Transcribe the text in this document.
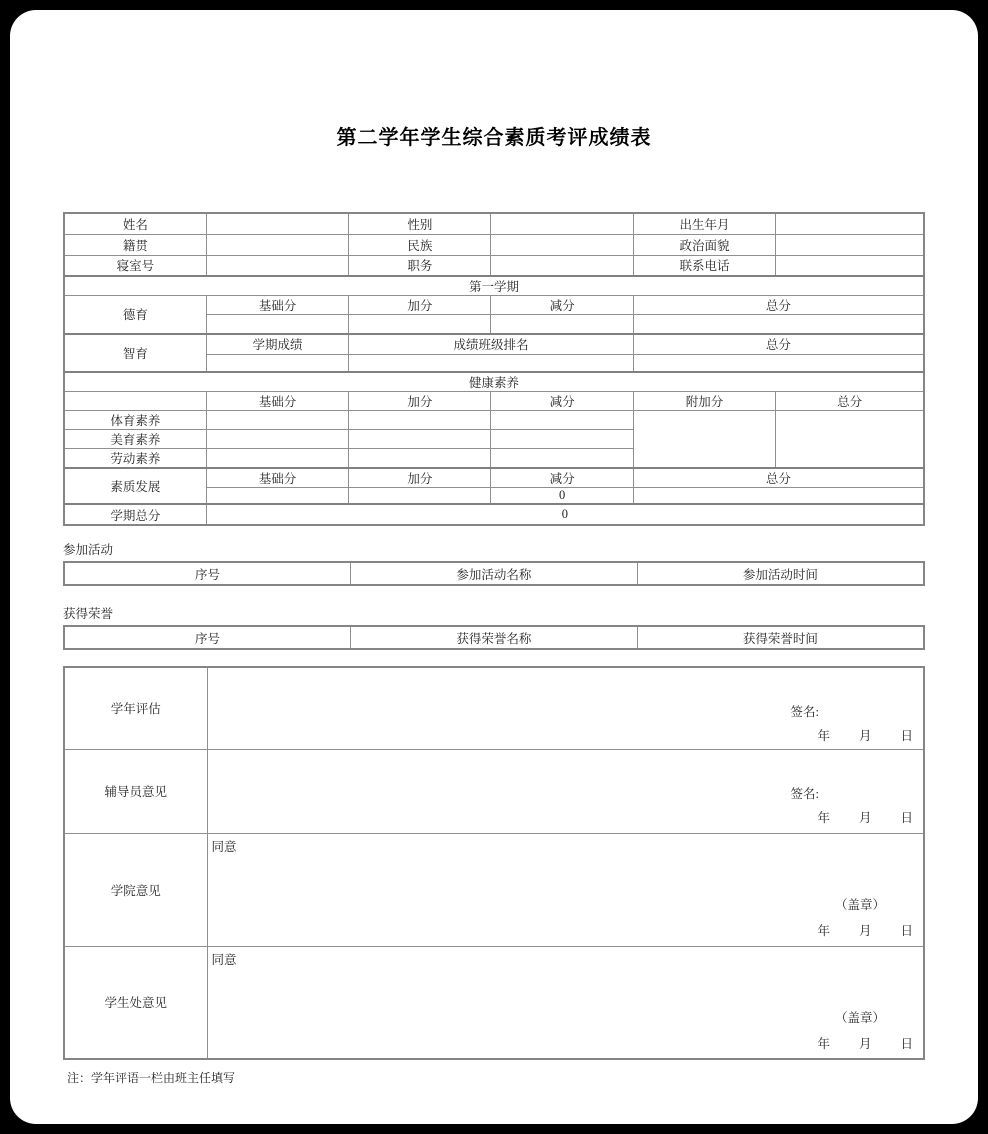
第二学年学生综合素质考评成绩表
姓名		性别		出生年月	
籍贯		民族		政治面貌	
寝室号		职务		联系电话	
第一学期					
德育	基础分	加分	减分	总分	

智育	学期成绩	成绩班级排名		总分	

健康素养					
	基础分	加分	减分	附加分	总分
体育素养					
美育素养					
劳动素养					
素质发展	基础分	加分	减分	总分	
			0		
学期总分	0				
参加活动
序号	参加活动名称	参加活动时间
获得荣誉
序号	获得荣誉名称	获得荣誉时间
学年评估	签名:
年 月 日

辅导员意见	签名:
年 月 日

学院意见	同意
（盖章）
年 月 日

学生处意见	同意
（盖章）
年 月 日
注：学年评语一栏由班主任填写
